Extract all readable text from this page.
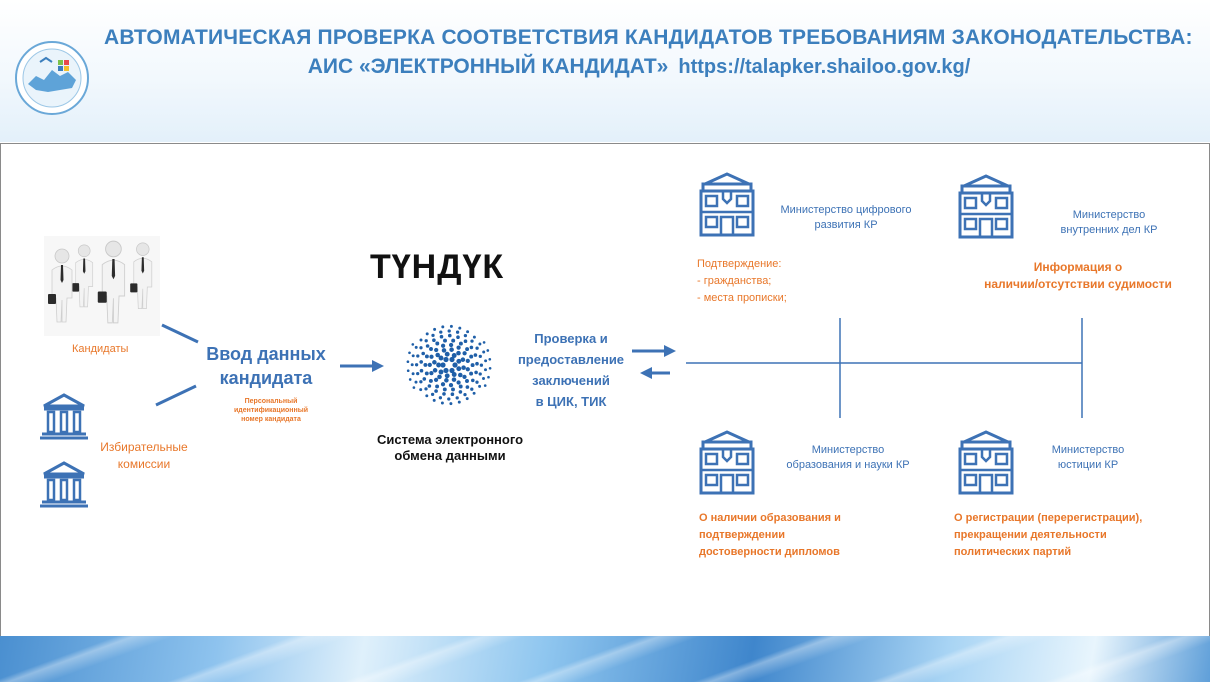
АВТОМАТИЧЕСКАЯ ПРОВЕРКА СООТВЕТСТВИЯ КАНДИДАТОВ ТРЕБОВАНИЯМ ЗАКОНОДАТЕЛЬСТВА:
АИС «ЭЛЕКТРОННЫЙ КАНДИДАТ» https://talapker.shailoo.gov.kg/
Кандидаты
Избирательные
комиссии
Ввод данных
кандидата
Персональный
идентификационный
номер кандидата
ТҮНДҮК
Система электронного
обмена данными
Проверка и
предоставление
заключений
в ЦИК, ТИК
Министерство цифрового
развития КР
Подтверждение:
- гражданства;
- места прописки;
Министерство
внутренних дел КР
Информация о
наличии/отсутствии судимости
Министерство
образования и науки КР
О наличии образования и
подтверждении
достоверности дипломов
Министерство
юстиции КР
О регистрации (перерегистрации),
прекращении деятельности
политических партий
